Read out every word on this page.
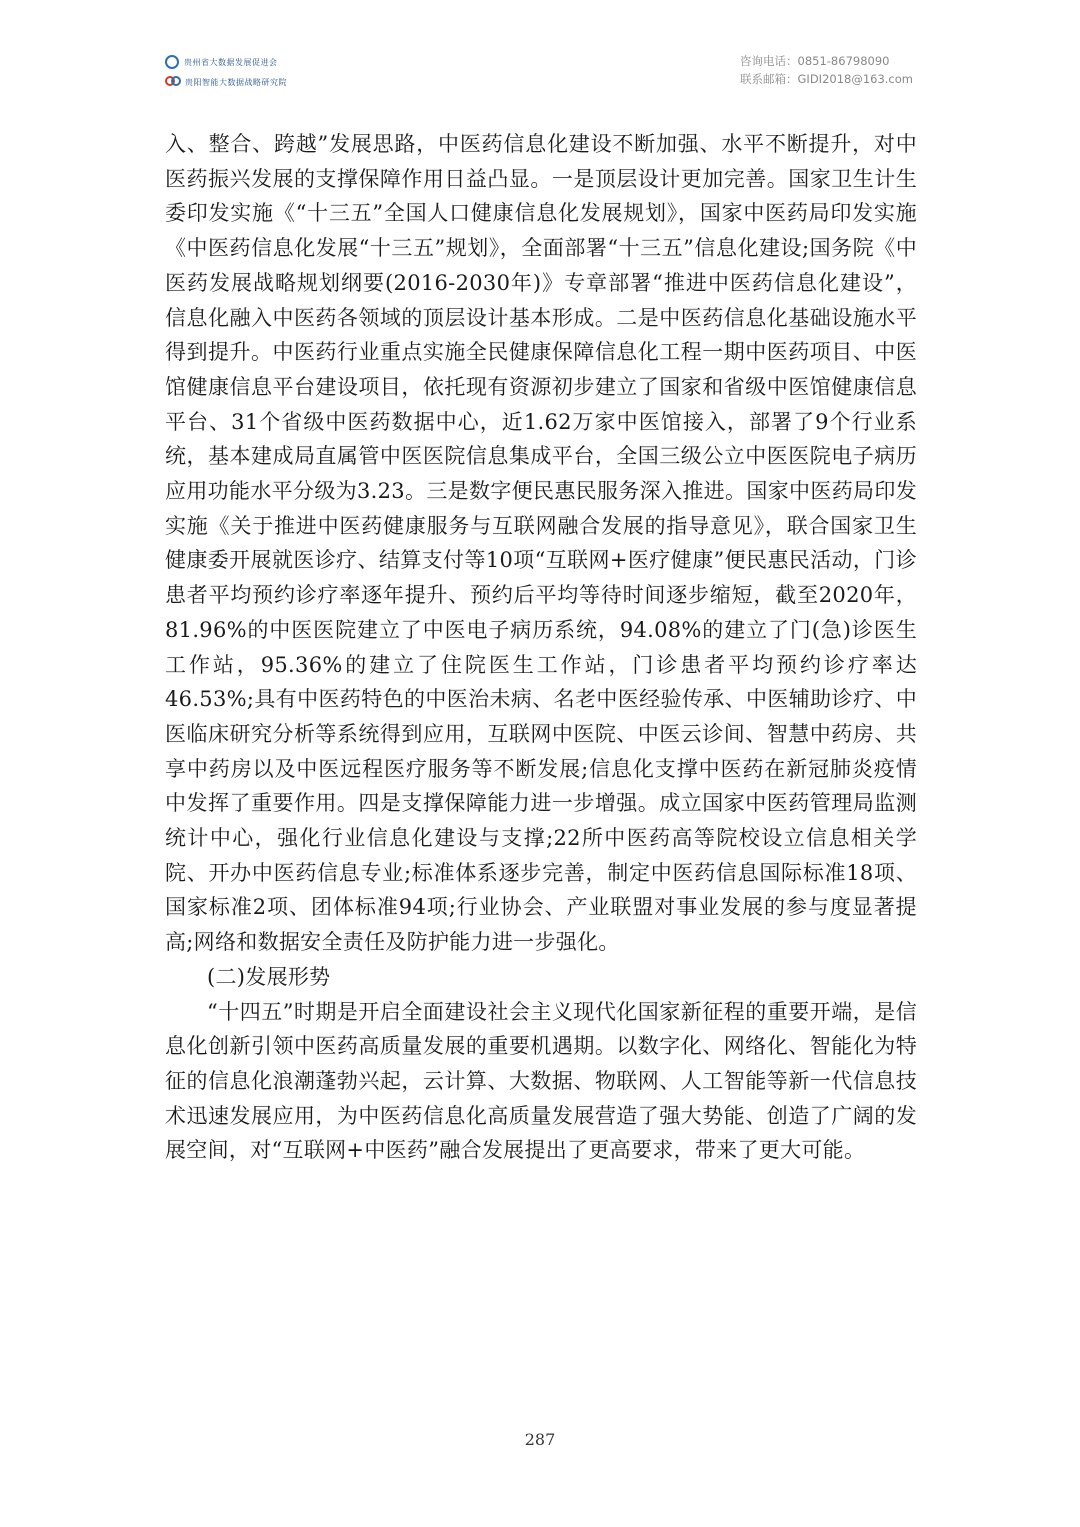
贵州省大数据发展促进会
贵阳智能大数据战略研究院
咨询电话：0851-86798090
联系邮箱：GIDI2018@163.com

入、整合、跨越”发展思路，中医药信息化建设不断加强、水平不断提升，对中医药振兴发展的支撑保障作用日益凸显。一是顶层设计更加完善。国家卫生计生委印发实施《“十三五”全国人口健康信息化发展规划》，国家中医药局印发实施《中医药信息化发展“十三五”规划》，全面部署“十三五”信息化建设;国务院《中医药发展战略规划纲要(2016-2030年)》专章部署“推进中医药信息化建设”，信息化融入中医药各领域的顶层设计基本形成。二是中医药信息化基础设施水平得到提升。中医药行业重点实施全民健康保障信息化工程一期中医药项目、中医馆健康信息平台建设项目，依托现有资源初步建立了国家和省级中医馆健康信息平台、31个省级中医药数据中心，近1.62万家中医馆接入，部署了9个行业系统，基本建成局直属管中医医院信息集成平台，全国三级公立中医医院电子病历应用功能水平分级为3.23。三是数字便民惠民服务深入推进。国家中医药局印发实施《关于推进中医药健康服务与互联网融合发展的指导意见》，联合国家卫生健康委开展就医诊疗、结算支付等10项“互联网+医疗健康”便民惠民活动，门诊患者平均预约诊疗率逐年提升、预约后平均等待时间逐步缩短，截至2020年，81.96%的中医医院建立了中医电子病历系统，94.08%的建立了门(急)诊医生工作站，95.36%的建立了住院医生工作站，门诊患者平均预约诊疗率达46.53%;具有中医药特色的中医治未病、名老中医经验传承、中医辅助诊疗、中医临床研究分析等系统得到应用，互联网中医院、中医云诊间、智慧中药房、共享中药房以及中医远程医疗服务等不断发展;信息化支撑中医药在新冠肺炎疫情中发挥了重要作用。四是支撑保障能力进一步增强。成立国家中医药管理局监测统计中心，强化行业信息化建设与支撑;22所中医药高等院校设立信息相关学院、开办中医药信息专业;标准体系逐步完善，制定中医药信息国际标准18项、国家标准2项、团体标准94项;行业协会、产业联盟对事业发展的参与度显著提高;网络和数据安全责任及防护能力进一步强化。

(二)发展形势

“十四五”时期是开启全面建设社会主义现代化国家新征程的重要开端，是信息化创新引领中医药高质量发展的重要机遇期。以数字化、网络化、智能化为特征的信息化浪潮蓬勃兴起，云计算、大数据、物联网、人工智能等新一代信息技术迅速发展应用，为中医药信息化高质量发展营造了强大势能、创造了广阔的发展空间，对“互联网+中医药”融合发展提出了更高要求，带来了更大可能。

287
